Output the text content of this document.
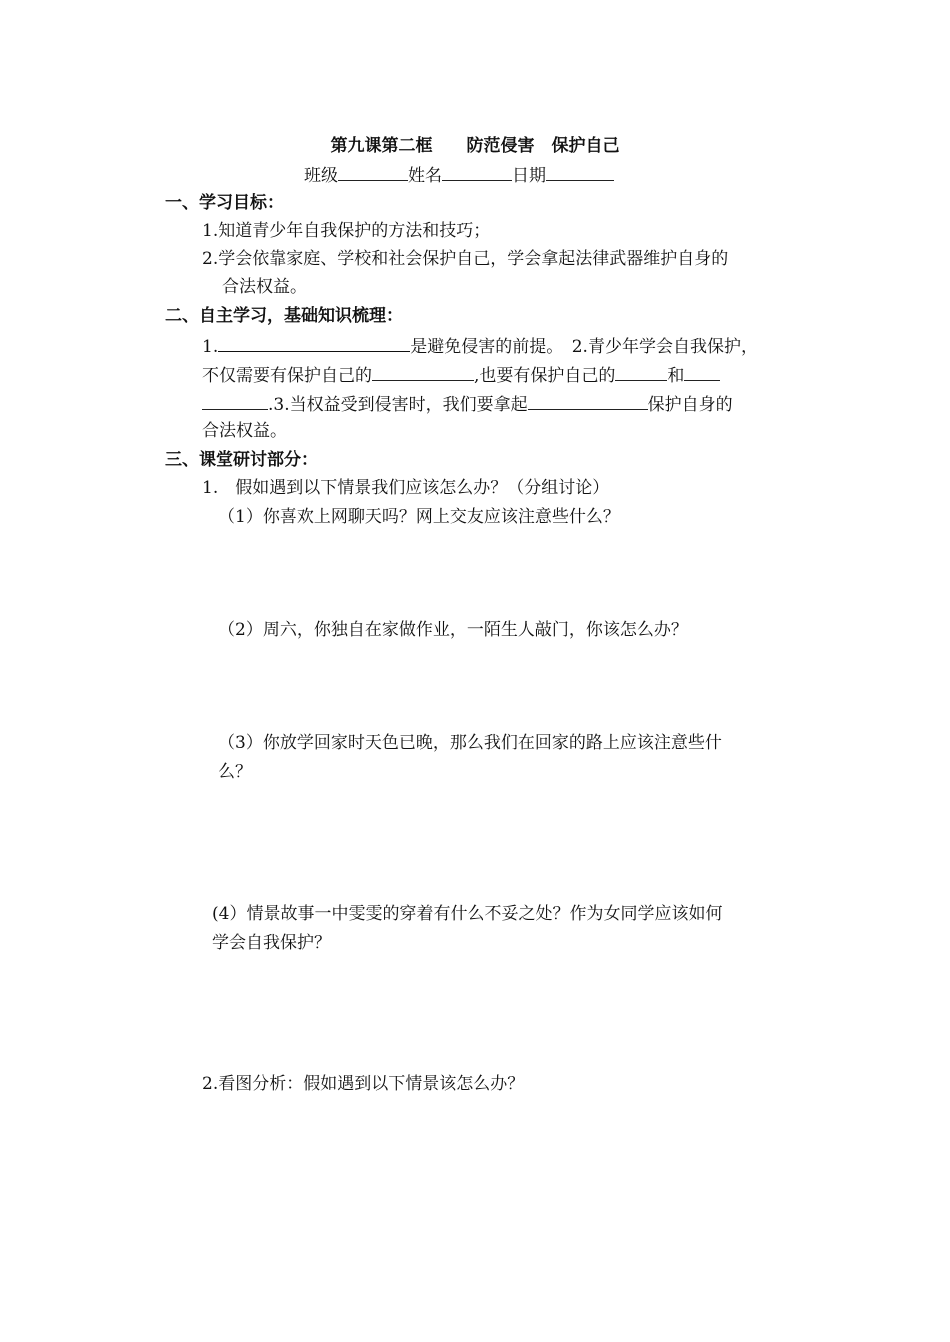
第九课第二框　　防范侵害　保护自己
班级	姓名	日期
一、学习目标：
1.知道青少年自我保护的方法和技巧；
2.学会依靠家庭、学校和社会保护自己，学会拿起法律武器维护自身的
合法权益。
二、自主学习，基础知识梳理：
1.	是避免侵害的前提。　2.青少年学会自我保护，
不仅需要有保护自己的	,也要有保护自己的	和
.3.当权益受到侵害时，我们要拿起	保护自身的
合法权益。
三、课堂研讨部分：
1.　假如遇到以下情景我们应该怎么办？（分组讨论）
（1）你喜欢上网聊天吗？网上交友应该注意些什么？
（2）周六，你独自在家做作业，一陌生人敲门，你该怎么办？
（3）你放学回家时天色已晚，那么我们在回家的路上应该注意些什
么？
(4）情景故事一中雯雯的穿着有什么不妥之处？作为女同学应该如何
学会自我保护？
2.看图分析：假如遇到以下情景该怎么办？
